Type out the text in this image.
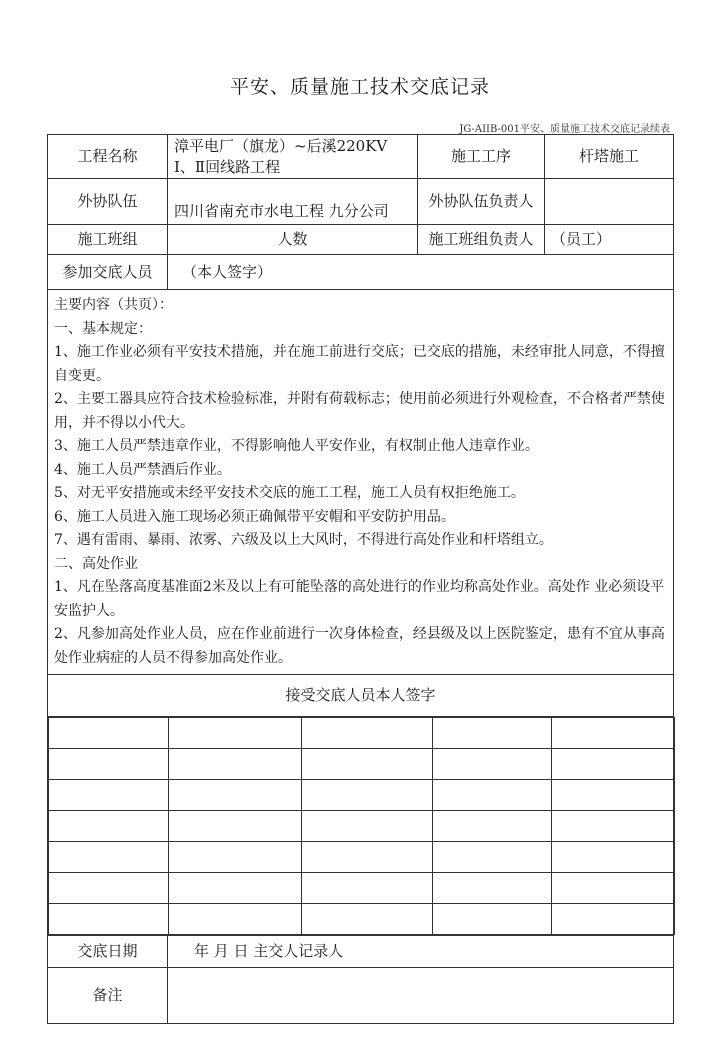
平安、质量施工技术交底记录
JG-AIIB-001平安、质量施工技术交底记录续表
工程名称	漳平电厂（旗龙）~后溪220KV Ⅰ、Ⅱ回线路工程	施工工序	杆塔施工
外协队伍	四川省南充市水电工程 九分公司	外协队伍负责人	
施工班组	人数	施工班组负责人	（员工）
参加交底人员	（本人签字）

主要内容（共页）：

一、基本规定：

1、施工作业必须有平安技术措施，并在施工前进行交底；已交底的措施，未经审批人同意，不得擅自变更。

2、主要工器具应符合技术检验标准，并附有荷载标志；使用前必须进行外观检查，不合格者严禁使用，并不得以小代大。

3、施工人员严禁违章作业，不得影响他人平安作业，有权制止他人违章作业。

4、施工人员严禁酒后作业。

5、对无平安措施或未经平安技术交底的施工工程，施工人员有权拒绝施工。

6、施工人员进入施工现场必须正确佩带平安帽和平安防护用品。

7、遇有雷雨、暴雨、浓雾、六级及以上大风时，不得进行高处作业和杆塔组立。

二、高处作业

1、凡在坠落高度基准面2米及以上有可能坠落的高处进行的作业均称高处作业。高处作 业必须设平安监护人。

2、凡参加高处作业人员，应在作业前进行一次身体检查，经县级及以上医院鉴定，患有不宜从事高处作业病症的人员不得参加高处作业。

接受交底人员本人签字

交底日期	年 月 日 主交人记录人
备注	
